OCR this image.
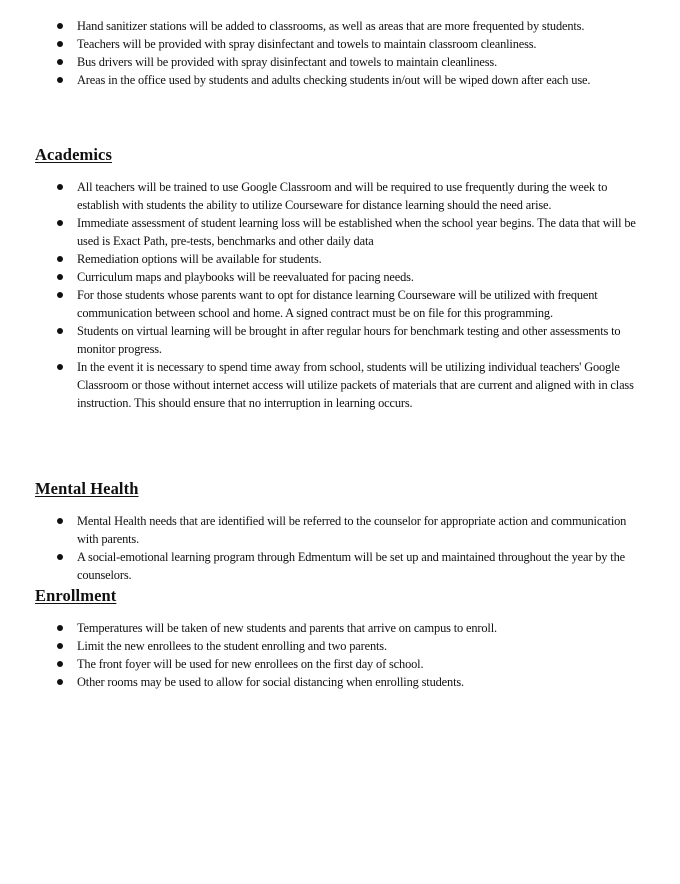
Hand sanitizer stations will be added to classrooms, as well as areas that are more frequented by students.
Teachers will be provided with spray disinfectant and towels to maintain classroom cleanliness.
Bus drivers will be provided with spray disinfectant and towels to maintain cleanliness.
Areas in the office used by students and adults checking students in/out will be wiped down after each use.
Academics
All teachers will be trained to use Google Classroom and will be required to use frequently during the week to establish with students the ability to utilize Courseware for distance learning should the need arise.
Immediate assessment of student learning loss will be established when the school year begins. The data that will be used is Exact Path, pre-tests, benchmarks and other daily data
Remediation options will be available for students.
Curriculum maps and playbooks will be reevaluated for pacing needs.
For those students whose parents want to opt for distance learning Courseware will be utilized with frequent communication between school and home. A signed contract must be on file for this programming.
Students on virtual learning will be brought in after regular hours for benchmark testing and other assessments to monitor progress.
In the event it is necessary to spend time away from school, students will be utilizing individual teachers' Google Classroom or those without internet access will utilize packets of materials that are current and aligned with in class instruction. This should ensure that no interruption in learning occurs.
Mental Health
Mental Health needs that are identified will be referred to the counselor for appropriate action and communication with parents.
A social-emotional learning program through Edmentum will be set up and maintained throughout the year by the counselors.
Enrollment
Temperatures will be taken of new students and parents that arrive on campus to enroll.
Limit the new enrollees to the student enrolling and two parents.
The front foyer will be used for new enrollees on the first day of school.
Other rooms may be used to allow for social distancing when enrolling students.
